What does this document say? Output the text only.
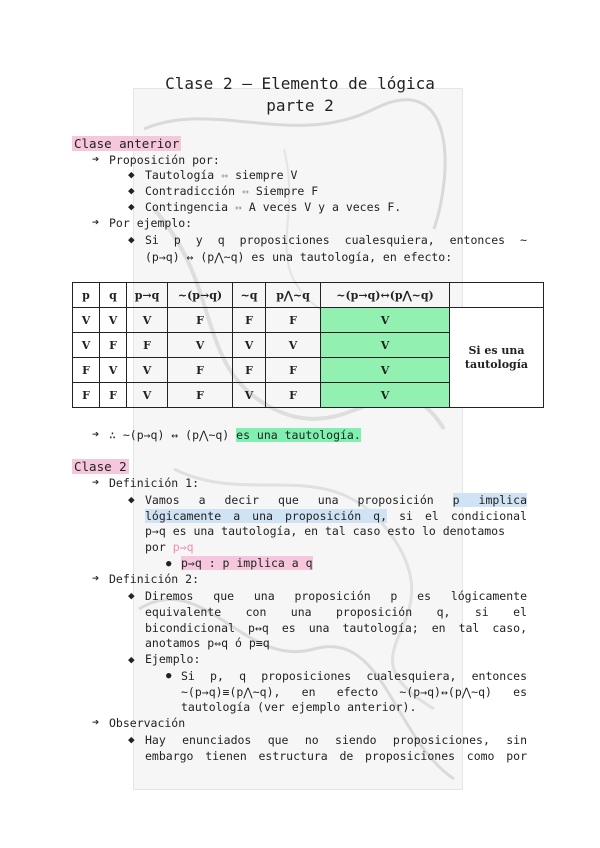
Clase 2 — Elemento de lógica
parte 2
Clase anterior
➔ Proposición por:
◆ Tautología ↔ siempre V
◆ Contradicción ↔ Siempre F
◆ Contingencia ↔ A veces V y a veces F.
➔ Por ejemplo:
◆ Si p y q proposiciones cualesquiera, entonces ~
(p→q) ↔ (p⋀~q) es una tautología, en efecto:
p	q	p→q	~(p→q)	~q	p⋀~q	~(p→q)↔(p⋀~q)	
V	V	V	F	F	F	V	Si es una tautología
V	F	F	V	V	V	V	
F	V	V	F	F	F	V	
F	F	V	F	V	F	V	
➔ ∴ ~(p→q) ↔ (p⋀~q) es una tautología.
Clase 2
➔ Definición 1:
◆ Vamos a decir que una proposición p implica
lógicamente a una proposición q, si el condicional
p→q es una tautología, en tal caso esto lo denotamos
por p⇒q
● p⇒q : p implica a q
➔ Definición 2:
◆ Diremos que una proposición p es lógicamente
equivalente con una proposición q, si el
bicondicional p↔q es una tautología; en tal caso,
anotamos p⇔q ó p≡q
◆ Ejemplo:
● Si p, q proposiciones cualesquiera, entonces
~(p→q)≡(p⋀~q), en efecto ~(p→q)↔(p⋀~q) es
tautología (ver ejemplo anterior).
➔ Observación
◆ Hay enunciados que no siendo proposiciones, sin
embargo tienen estructura de proposiciones como por
